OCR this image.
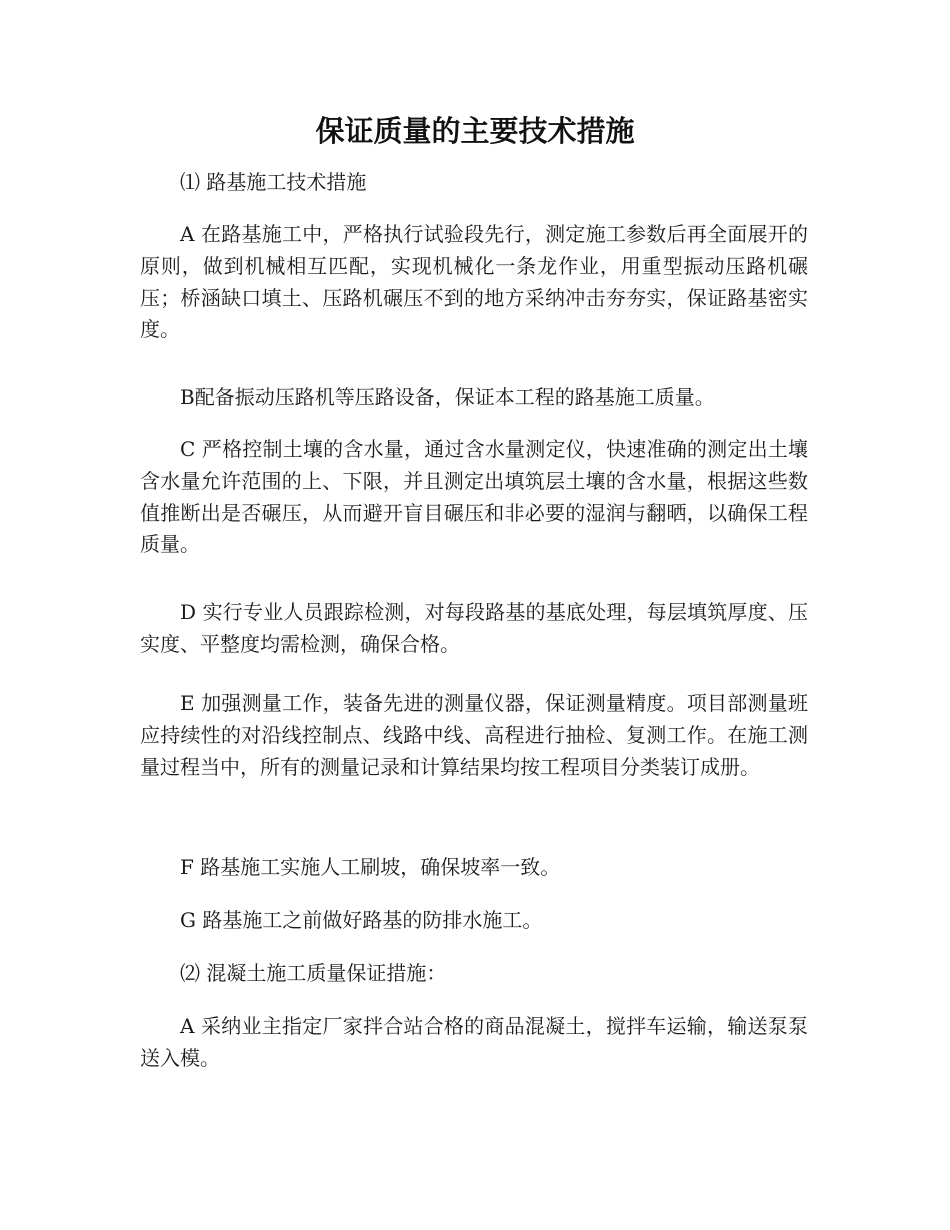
保证质量的主要技术措施

⑴ 路基施工技术措施

A 在路基施工中，严格执行试验段先行，测定施工参数后再全面展开的原则，做到机械相互匹配，实现机械化一条龙作业，用重型振动压路机碾压；桥涵缺口填土、压路机碾压不到的地方采纳冲击夯夯实，保证路基密实度。

B配备振动压路机等压路设备，保证本工程的路基施工质量。

C 严格控制土壤的含水量，通过含水量测定仪，快速准确的测定出土壤含水量允许范围的上、下限，并且测定出填筑层土壤的含水量，根据这些数值推断出是否碾压，从而避开盲目碾压和非必要的湿润与翻晒，以确保工程质量。

D 实行专业人员跟踪检测，对每段路基的基底处理，每层填筑厚度、压实度、平整度均需检测，确保合格。

E 加强测量工作，装备先进的测量仪器，保证测量精度。项目部测量班应持续性的对沿线控制点、线路中线、高程进行抽检、复测工作。在施工测量过程当中，所有的测量记录和计算结果均按工程项目分类装订成册。

F 路基施工实施人工刷坡，确保坡率一致。

G 路基施工之前做好路基的防排水施工。

⑵ 混凝土施工质量保证措施：

A 采纳业主指定厂家拌合站合格的商品混凝土，搅拌车运输，输送泵泵送入模。
